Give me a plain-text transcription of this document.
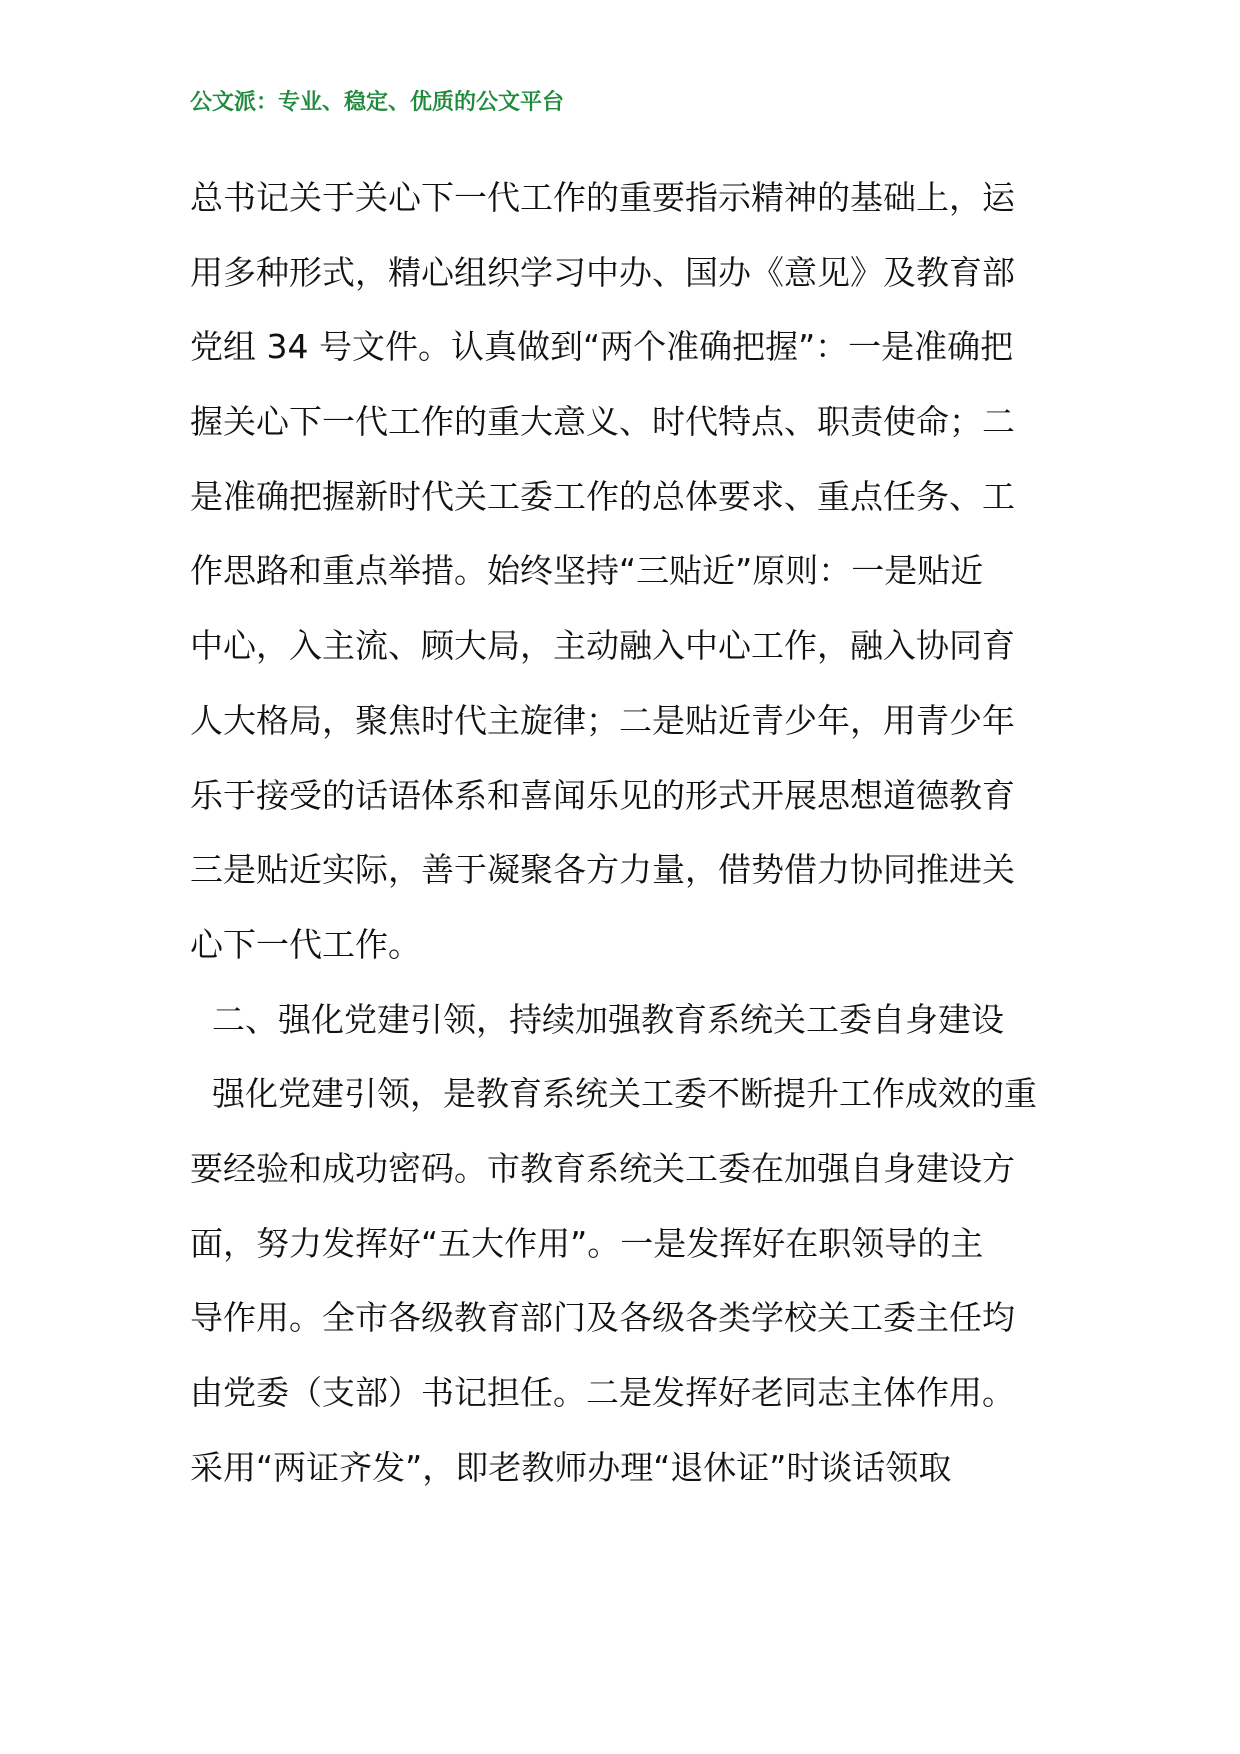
公文派：专业、稳定、优质的公文平台
总书记关于关心下一代工作的重要指示精神的基础上，运
用多种形式，精心组织学习中办、国办《意见》及教育部
党组 34 号文件。认真做到“两个准确把握”：一是准确把
握关心下一代工作的重大意义、时代特点、职责使命；二
是准确把握新时代关工委工作的总体要求、重点任务、工
作思路和重点举措。始终坚持“三贴近”原则：一是贴近
中心，入主流、顾大局，主动融入中心工作，融入协同育
人大格局，聚焦时代主旋律；二是贴近青少年，用青少年
乐于接受的话语体系和喜闻乐见的形式开展思想道德教育
三是贴近实际，善于凝聚各方力量，借势借力协同推进关
心下一代工作。
二、强化党建引领，持续加强教育系统关工委自身建设
强化党建引领，是教育系统关工委不断提升工作成效的重
要经验和成功密码。市教育系统关工委在加强自身建设方
面，努力发挥好“五大作用”。一是发挥好在职领导的主
导作用。全市各级教育部门及各级各类学校关工委主任均
由党委（支部）书记担任。二是发挥好老同志主体作用。
采用“两证齐发”，即老教师办理“退休证”时谈话领取
